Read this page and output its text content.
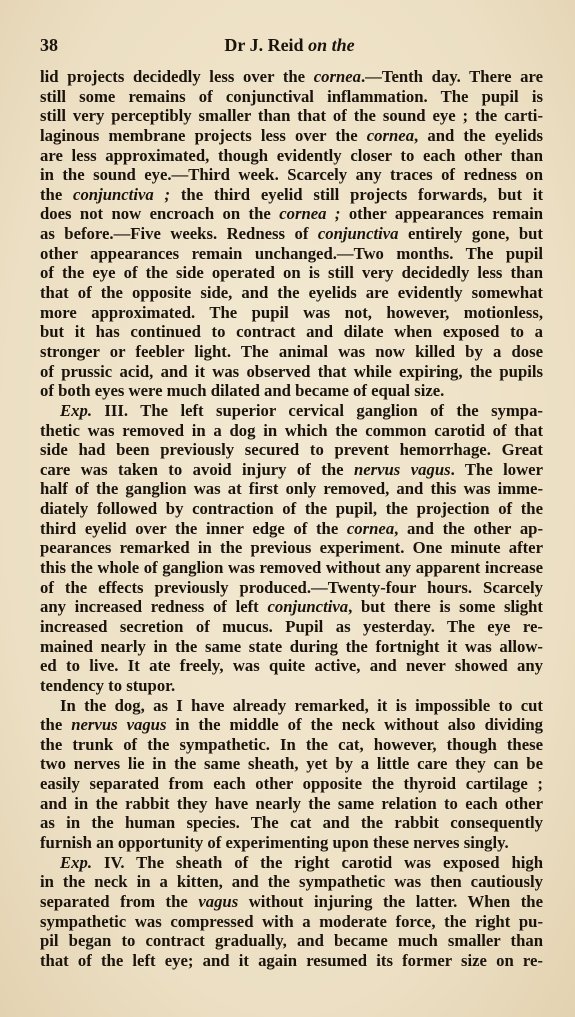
38	Dr J. Reid on the
lid projects decidedly less over the cornea.—Tenth day. There are
still some remains of conjunctival inflammation. The pupil is
still very perceptibly smaller than that of the sound eye ; the carti-
laginous membrane projects less over the cornea, and the eyelids
are less approximated, though evidently closer to each other than
in the sound eye.—Third week. Scarcely any traces of redness on
the conjunctiva ; the third eyelid still projects forwards, but it
does not now encroach on the cornea ; other appearances remain
as before.—Five weeks. Redness of conjunctiva entirely gone, but
other appearances remain unchanged.—Two months. The pupil
of the eye of the side operated on is still very decidedly less than
that of the opposite side, and the eyelids are evidently somewhat
more approximated. The pupil was not, however, motionless,
but it has continued to contract and dilate when exposed to a
stronger or feebler light. The animal was now killed by a dose
of prussic acid, and it was observed that while expiring, the pupils
of both eyes were much dilated and became of equal size.
Exp. III. The left superior cervical ganglion of the sympa-
thetic was removed in a dog in which the common carotid of that
side had been previously secured to prevent hemorrhage. Great
care was taken to avoid injury of the nervus vagus. The lower
half of the ganglion was at first only removed, and this was imme-
diately followed by contraction of the pupil, the projection of the
third eyelid over the inner edge of the cornea, and the other ap-
pearances remarked in the previous experiment. One minute after
this the whole of ganglion was removed without any apparent increase
of the effects previously produced.—Twenty-four hours. Scarcely
any increased redness of left conjunctiva, but there is some slight
increased secretion of mucus. Pupil as yesterday. The eye re-
mained nearly in the same state during the fortnight it was allow-
ed to live. It ate freely, was quite active, and never showed any
tendency to stupor.
In the dog, as I have already remarked, it is impossible to cut
the nervus vagus in the middle of the neck without also dividing
the trunk of the sympathetic. In the cat, however, though these
two nerves lie in the same sheath, yet by a little care they can be
easily separated from each other opposite the thyroid cartilage ;
and in the rabbit they have nearly the same relation to each other
as in the human species. The cat and the rabbit consequently
furnish an opportunity of experimenting upon these nerves singly.
Exp. IV. The sheath of the right carotid was exposed high
in the neck in a kitten, and the sympathetic was then cautiously
separated from the vagus without injuring the latter. When the
sympathetic was compressed with a moderate force, the right pu-
pil began to contract gradually, and became much smaller than
that of the left eye; and it again resumed its former size on re-
